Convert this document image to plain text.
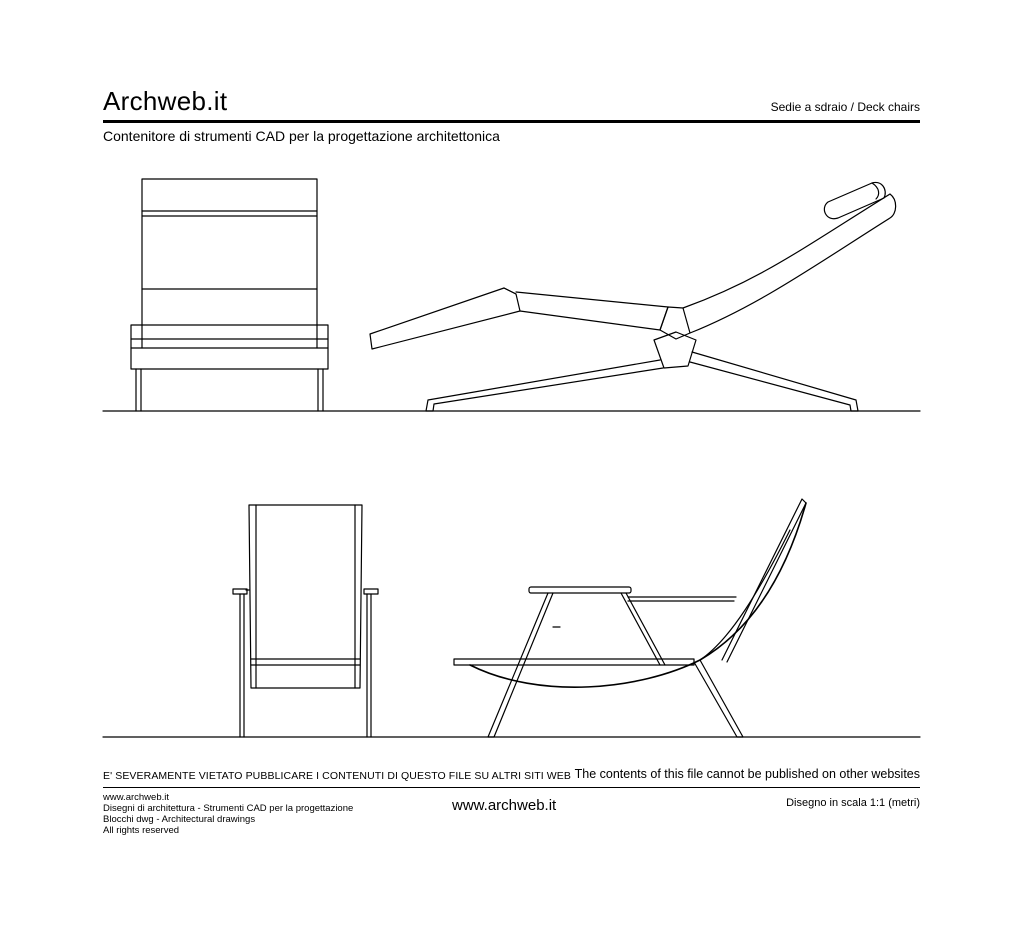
Archweb.it	Sedie a sdraio / Deck chairs
Contenitore di strumenti CAD per la progettazione architettonica
E' SEVERAMENTE VIETATO PUBBLICARE I CONTENUTI DI QUESTO FILE SU ALTRI SITI WEB The contents of this file cannot be published on other websites
www.archweb.it
Disegni di architettura - Strumenti CAD per la progettazione
Blocchi dwg - Architectural drawings
All rights reserved
www.archweb.it	Disegno in scala 1:1 (metri)
